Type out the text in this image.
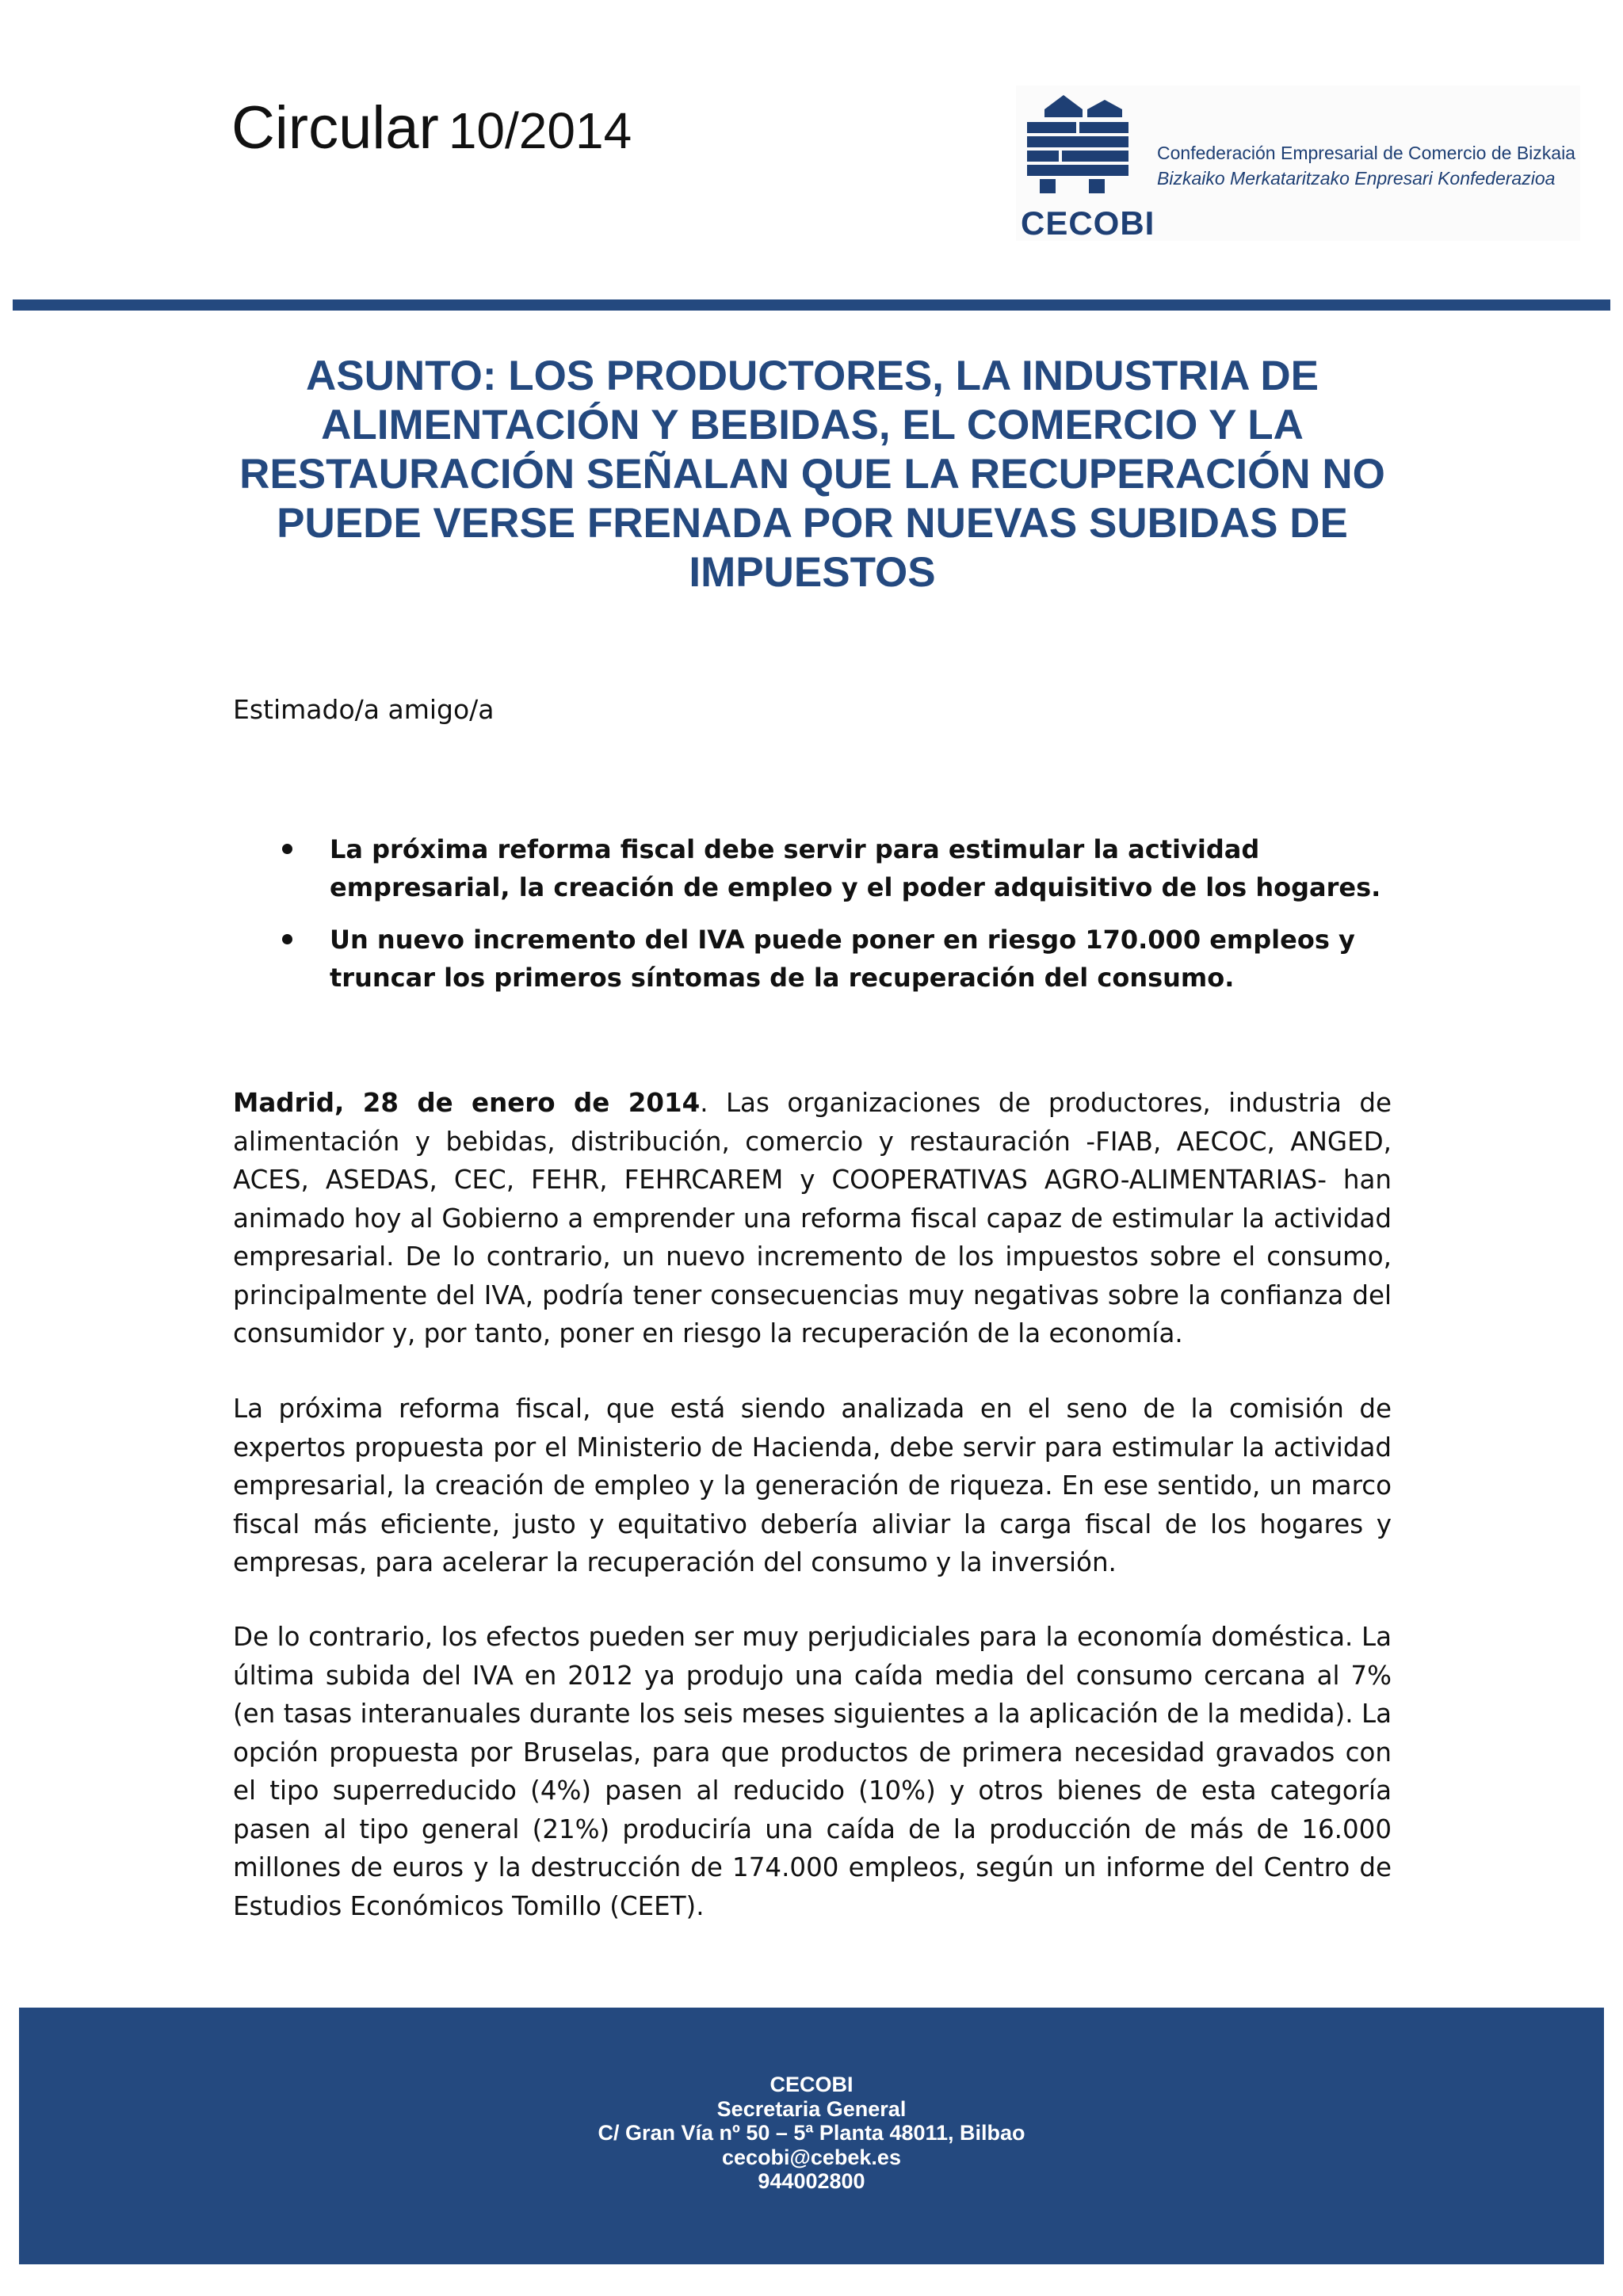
Circular 10/2014	Confederación Empresarial de Comercio de Bizkaia
Bizkaiko Merkataritzako Enpresari Konfederazioa
CECOBI
ASUNTO: LOS PRODUCTORES, LA INDUSTRIA DE ALIMENTACIÓN Y BEBIDAS, EL COMERCIO Y LA RESTAURACIÓN SEÑALAN QUE LA RECUPERACIÓN NO PUEDE VERSE FRENADA POR NUEVAS SUBIDAS DE IMPUESTOS
Estimado/a amigo/a
La próxima reforma fiscal debe servir para estimular la actividad empresarial, la creación de empleo y el poder adquisitivo de los hogares.
Un nuevo incremento del IVA puede poner en riesgo 170.000 empleos y truncar los primeros síntomas de la recuperación del consumo.

Madrid, 28 de enero de 2014. Las organizaciones de productores, industria de alimentación y bebidas, distribución, comercio y restauración -FIAB, AECOC, ANGED, ACES, ASEDAS, CEC, FEHR, FEHRCAREM y COOPERATIVAS AGRO-ALIMENTARIAS- han animado hoy al Gobierno a emprender una reforma fiscal capaz de estimular la actividad empresarial. De lo contrario, un nuevo incremento de los impuestos sobre el consumo, principalmente del IVA, podría tener consecuencias muy negativas sobre la confianza del consumidor y, por tanto, poner en riesgo la recuperación de la economía.

La próxima reforma fiscal, que está siendo analizada en el seno de la comisión de expertos propuesta por el Ministerio de Hacienda, debe servir para estimular la actividad empresarial, la creación de empleo y la generación de riqueza. En ese sentido, un marco fiscal más eficiente, justo y equitativo debería aliviar la carga fiscal de los hogares y empresas, para acelerar la recuperación del consumo y la inversión.

De lo contrario, los efectos pueden ser muy perjudiciales para la economía doméstica. La última subida del IVA en 2012 ya produjo una caída media del consumo cercana al 7% (en tasas interanuales durante los seis meses siguientes a la aplicación de la medida). La opción propuesta por Bruselas, para que productos de primera necesidad gravados con el tipo superreducido (4%) pasen al reducido (10%) y otros bienes de esta categoría pasen al tipo general (21%) produciría una caída de la producción de más de 16.000 millones de euros y la destrucción de 174.000 empleos, según un informe del Centro de Estudios Económicos Tomillo (CEET).

CECOBI
Secretaria General
C/ Gran Vía nº 50 – 5ª Planta 48011, Bilbao
cecobi@cebek.es
944002800
